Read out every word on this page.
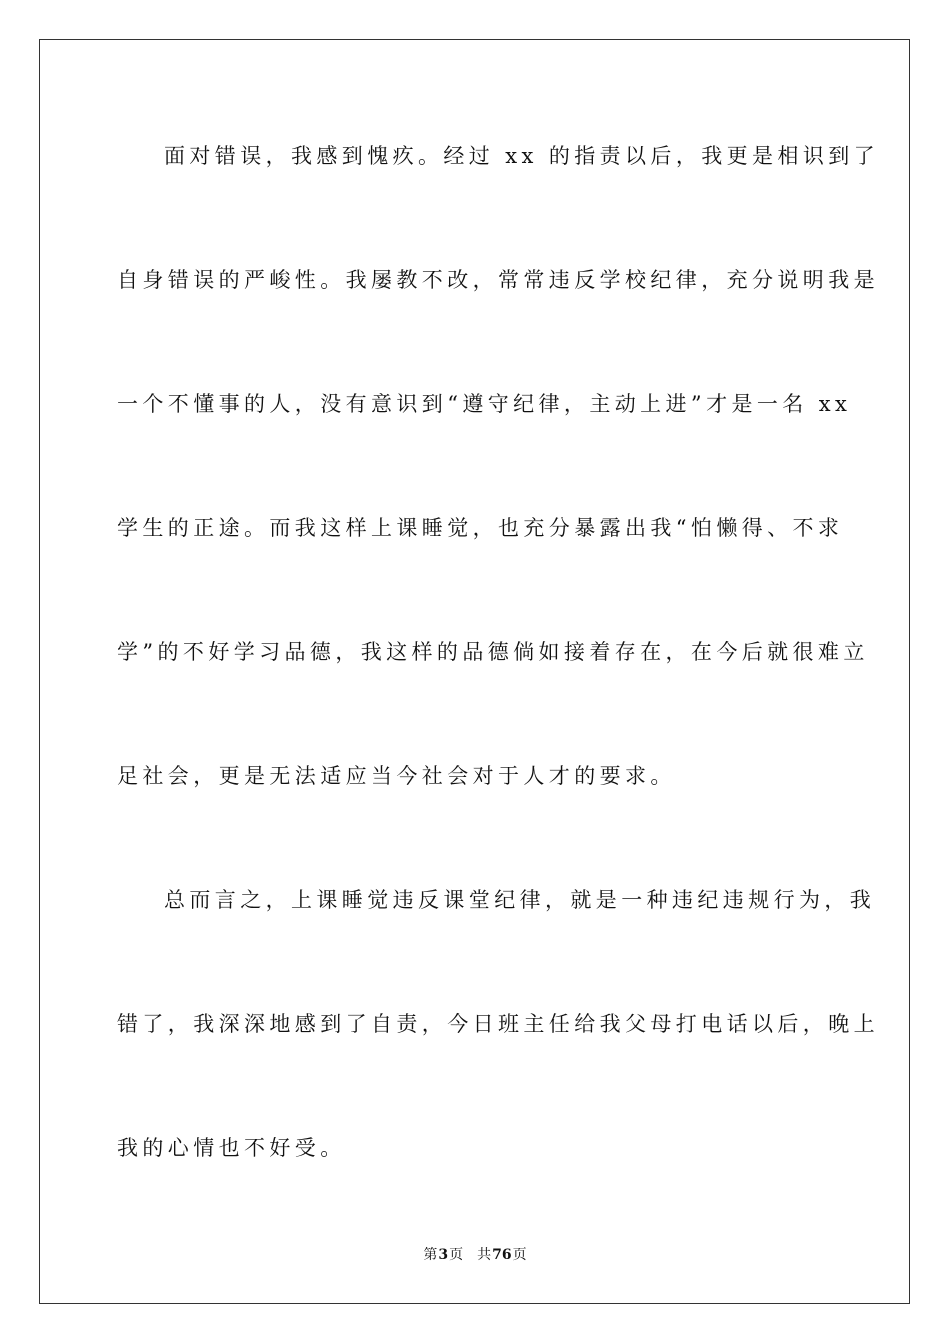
面对错误，我感到愧疚。经过 xx 的指责以后，我更是相识到了
自身错误的严峻性。我屡教不改，常常违反学校纪律，充分说明我是
一个不懂事的人，没有意识到“遵守纪律，主动上进”才是一名 xx
学生的正途。而我这样上课睡觉，也充分暴露出我“怕懒得、不求
学”的不好学习品德，我这样的品德倘如接着存在，在今后就很难立
足社会，更是无法适应当今社会对于人才的要求。
总而言之，上课睡觉违反课堂纪律，就是一种违纪违规行为，我
错了，我深深地感到了自责，今日班主任给我父母打电话以后，晚上
我的心情也不好受。
第3页 共76页
